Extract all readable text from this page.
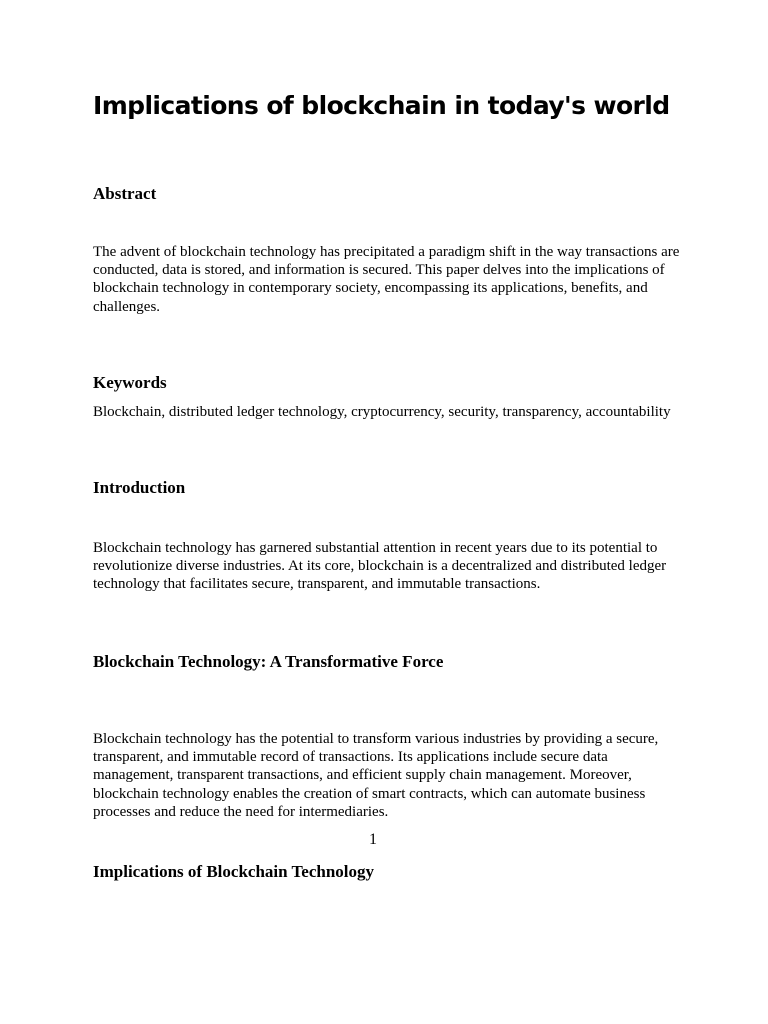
Implications of blockchain in today's world
Abstract

The advent of blockchain technology has precipitated a paradigm shift in the way transactions are conducted, data is stored, and information is secured. This paper delves into the implications of blockchain technology in contemporary society, encompassing its applications, benefits, and challenges.

Keywords

Blockchain, distributed ledger technology, cryptocurrency, security, transparency, accountability

Introduction

Blockchain technology has garnered substantial attention in recent years due to its potential to revolutionize diverse industries. At its core, blockchain is a decentralized and distributed ledger technology that facilitates secure, transparent, and immutable transactions.

Blockchain Technology: A Transformative Force

Blockchain technology has the potential to transform various industries by providing a secure, transparent, and immutable record of transactions. Its applications include secure data management, transparent transactions, and efficient supply chain management. Moreover, blockchain technology enables the creation of smart contracts, which can automate business processes and reduce the need for intermediaries.

1
Implications of Blockchain Technology
